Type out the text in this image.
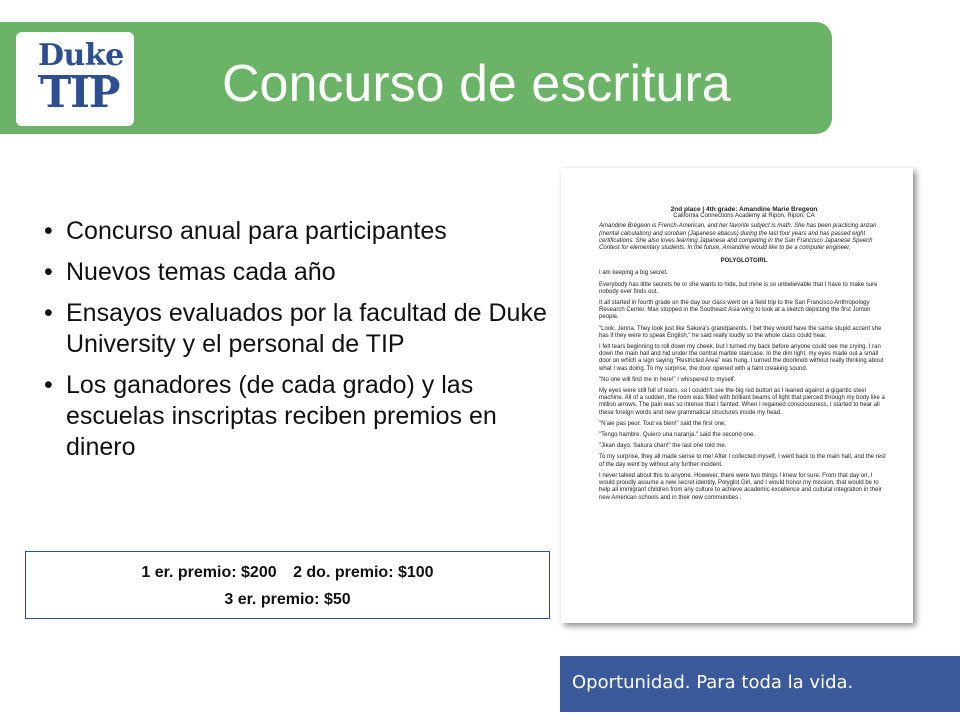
Duke
TIP Concurso de escritura
• Concurso anual para participantes
• Nuevos temas cada año
• Ensayos evaluados por la facultad de Duke University y el personal de TIP
• Los ganadores (de cada grado) y las escuelas inscriptas reciben premios en dinero
1 er. premio: $200 2 do. premio: $100
3 er. premio: $50
2nd place | 4th grade: Amandine Marie Bregeon
California Connections Academy at Ripon, Ripon, CA
Amandine Brégeon is French-American, and her favorite subject is math. She has been practicing anzan (mental calculation) and soroban (Japanese abacus) during the last four years and has passed eight certifications. She also loves learning Japanese and competing in the San Francisco Japanese Speech Contest for elementary students. In the future, Amandine would like to be a computer engineer.
POLYGLOTGIRL

I am keeping a big secret.

Everybody has little secrets he or she wants to hide, but mine is so unbelievable that I have to make sure nobody ever finds out.

It all started in fourth grade on the day our class went on a field trip to the San Francisco Anthropology Research Center. Max stopped in the Southeast Asia wing to look at a sketch depicting the first Jomon people.

"Look, Jenna. They look just like Sakura's grandparents. I bet they would have the same stupid accent she has if they were to speak English," he said really loudly so the whole class could hear.

I felt tears beginning to roll down my cheek, but I turned my back before anyone could see me crying. I ran down the main hall and hid under the central marble staircase. In the dim light, my eyes made out a small door on which a sign saying "Restricted Area" was hung. I turned the doorknob without really thinking about what I was doing. To my surprise, the door opened with a faint creaking sound.

"No one will find me in here!" I whispered to myself.

My eyes were still full of tears, so I couldn't see the big red button as I leaned against a gigantic steel machine. All of a sudden, the room was filled with brilliant beams of light that pierced through my body like a million arrows. The pain was so intense that I fainted. When I regained consciousness, I started to hear all these foreign words and new grammatical structures inside my head.

"N'aie pas peur. Tout va bien!" said the first one.

"Tengo hambre. Quiero una naranja." said the second one.

"Jikan dayo, Sakura chan!" the last one told me.

To my surprise, they all made sense to me! After I collected myself, I went back to the main hall, and the rest of the day went by without any further incident.

I never talked about this to anyone. However, there were two things I knew for sure: From that day on, I would proudly assume a new secret identity, Polyglot Girl, and I would honor my mission, that would be to help all immigrant children from any culture to achieve academic excellence and cultural integration in their new American schools and in their new communities .

Oportunidad. Para toda la vida.
